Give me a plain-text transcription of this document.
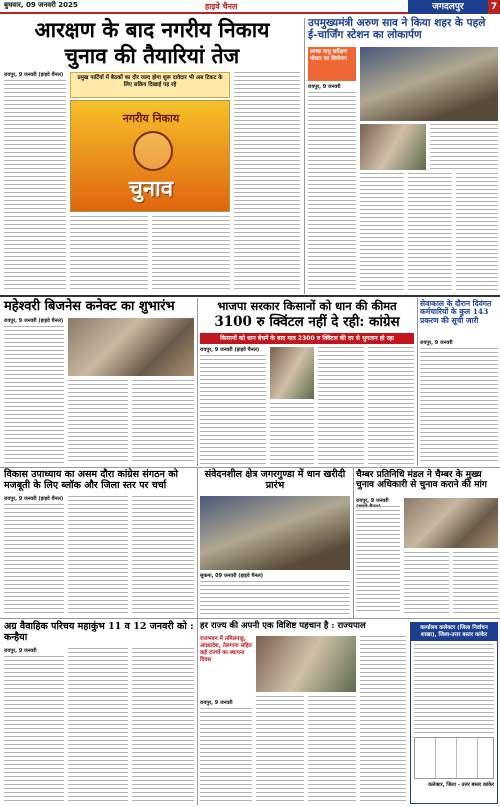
बुधवार, 09 जनवरी 2025	हाइवे चैनल	जगदलपुर	7
आरक्षण के बाद नगरीय निकाय
चुनाव की तैयारियां तेज
रायपुर, 9 जनवरी (हाइवे चैनल)	प्रमुख पार्टियों में बैठकों का दौर जल्द होगा शुरू दावेदार भी अब टिकट के लिए सक्रिय दिखाई पड़ रहे
नगरीय निकाय
चुनाव
उपमुख्यमंत्री अरुण साव ने किया शहर के पहले ई-चार्जिंग स्टेशन का लोकार्पण
स्वच्छ वायु सर्वेक्षण पोस्टर का विमोचन
रायपुर, 9 जनवरी
महेश्वरी बिजनेस कनेक्ट का शुभारंभ
रायपुर, 9 जनवरी (हाइवे चैनल)
भाजपा सरकार किसानों को धान की कीमत
3100 रु क्विंटल नहीं दे रही: कांग्रेस
किसानों को धान बेचने के बाद मात्र 2300 रु क्विंटल की दर से भुगतान हो रहा
रायपुर, 9 जनवरी (हाइवे चैनल)
सेवाकाल के दौरान दिवंगत कर्मचारियों के कुल 143 प्रकरण की सूची जारी
रायपुर, 9 जनवरी
विकास उपाध्याय का असम दौरा कांग्रेस संगठन को मजबूती के लिए ब्लॉक और जिला स्तर पर चर्चा
रायपुर, 9 जनवरी (हाइवे चैनल)
संवेदनशील क्षेत्र जगरगुण्डा में धान खरीदी प्रारंभ
सुकमा, 09 जनवरी (हाइवे चैनल)
चैम्बर प्रतिनिधि मंडल ने चैम्बर के मुख्य चुनाव अधिकारी से चुनाव कराने की मांग
रायपुर, 9 जनवरी
अग्र वैवाहिक परिचय महाकुंभ 11 व 12 जनवरी को : कन्हैया
रायपुर, 9 जनवरी
हर राज्य की अपनी एक विशिष्ट पहचान है : राज्यपाल
राजभवन में तमिलनाडु, आंध्रप्रदेश, तेलंगाना सहित कई राज्यों का स्थापना दिवस
रायपुर, 9 जनवरी
कार्यालय कलेक्टर (जिला निर्वाचन शाखा), जिला-उत्तर बस्तर कांकेर
कलेक्टर, जिला - उत्तर बस्तर कांकेर
